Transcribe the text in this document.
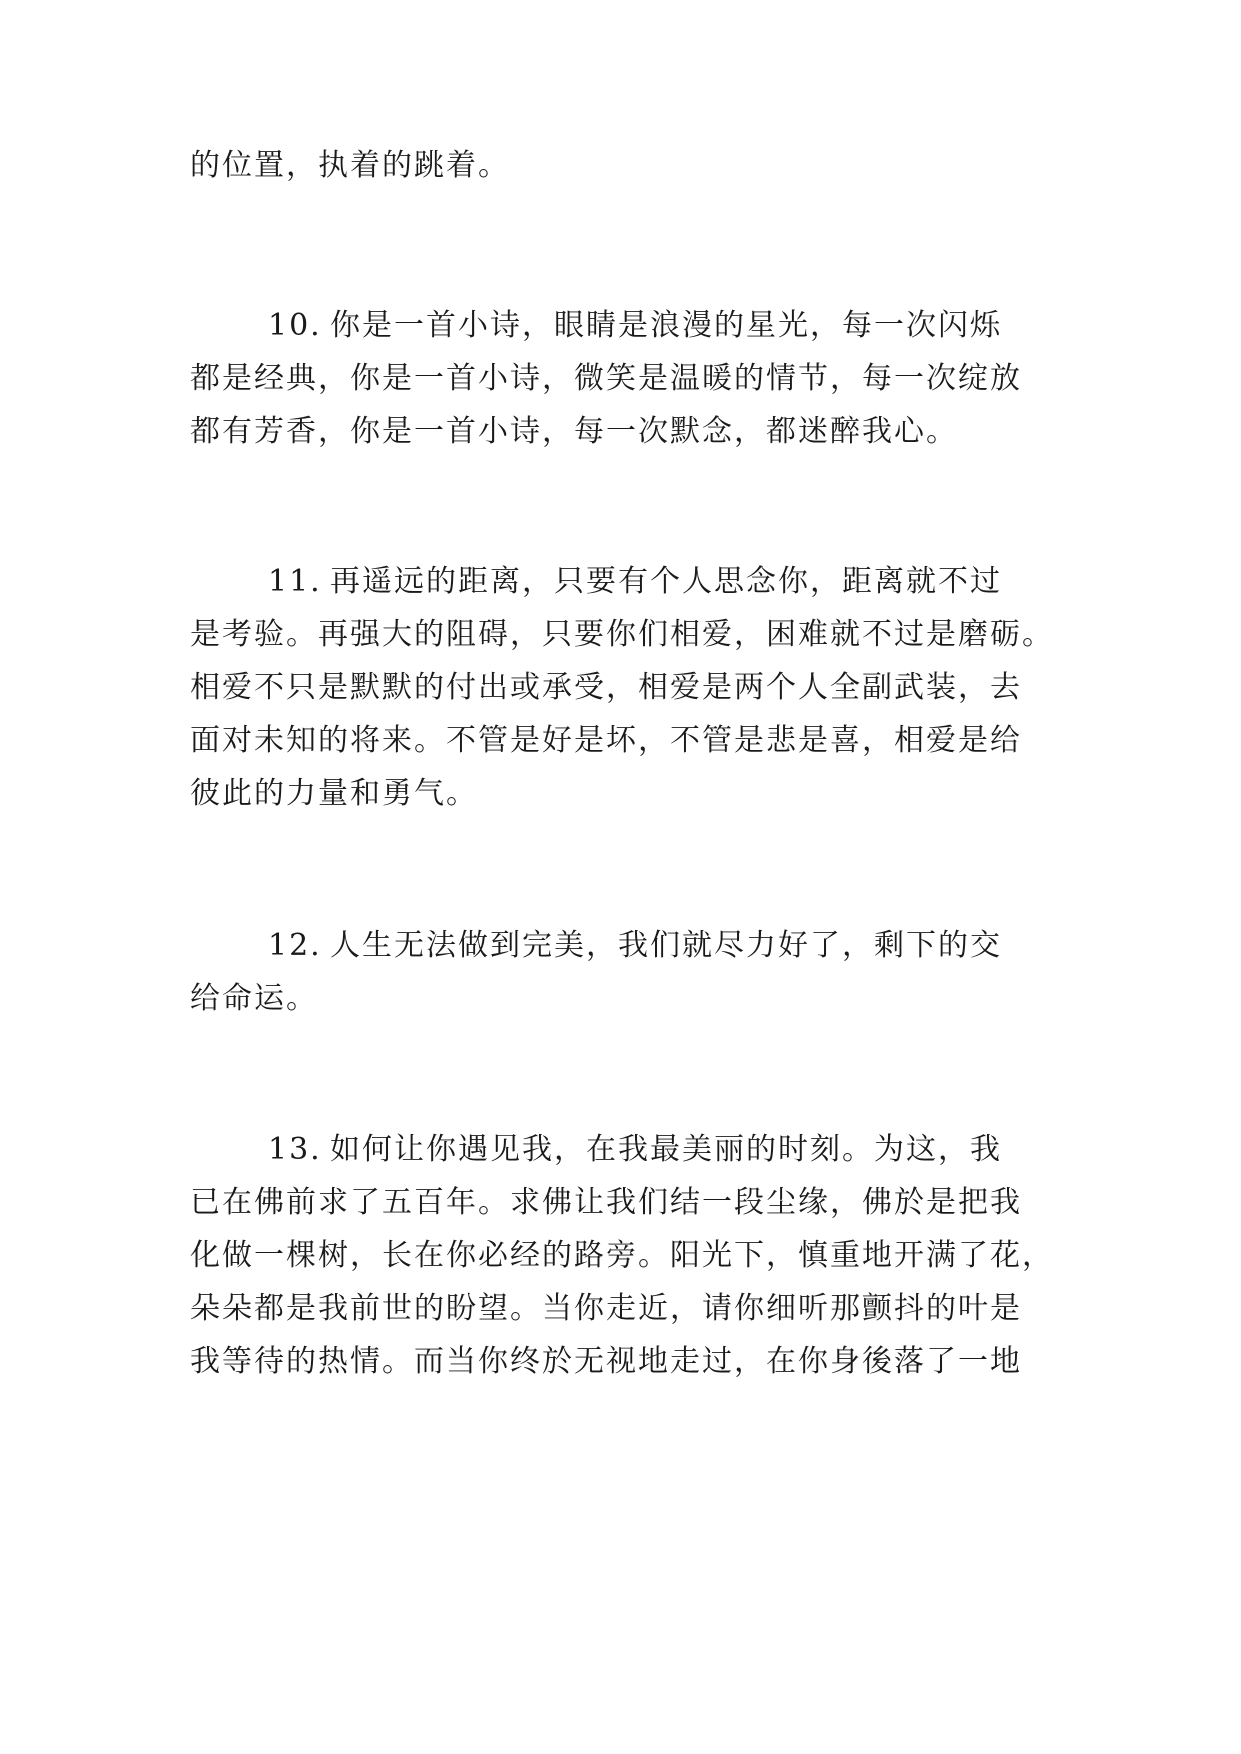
的位置，执着的跳着。
10. 你是一首小诗，眼睛是浪漫的星光，每一次闪烁
都是经典，你是一首小诗，微笑是温暖的情节，每一次绽放
都有芳香，你是一首小诗，每一次默念，都迷醉我心。
11. 再遥远的距离，只要有个人思念你，距离就不过
是考验。再强大的阻碍，只要你们相爱，困难就不过是磨砺。
相爱不只是默默的付出或承受，相爱是两个人全副武装，去
面对未知的将来。不管是好是坏，不管是悲是喜，相爱是给
彼此的力量和勇气。
12. 人生无法做到完美，我们就尽力好了，剩下的交
给命运。
13. 如何让你遇见我，在我最美丽的时刻。为这，我
已在佛前求了五百年。求佛让我们结一段尘缘，佛於是把我
化做一棵树，长在你必经的路旁。阳光下，慎重地开满了花，
朵朵都是我前世的盼望。当你走近，请你细听那颤抖的叶是
我等待的热情。而当你终於无视地走过，在你身後落了一地
